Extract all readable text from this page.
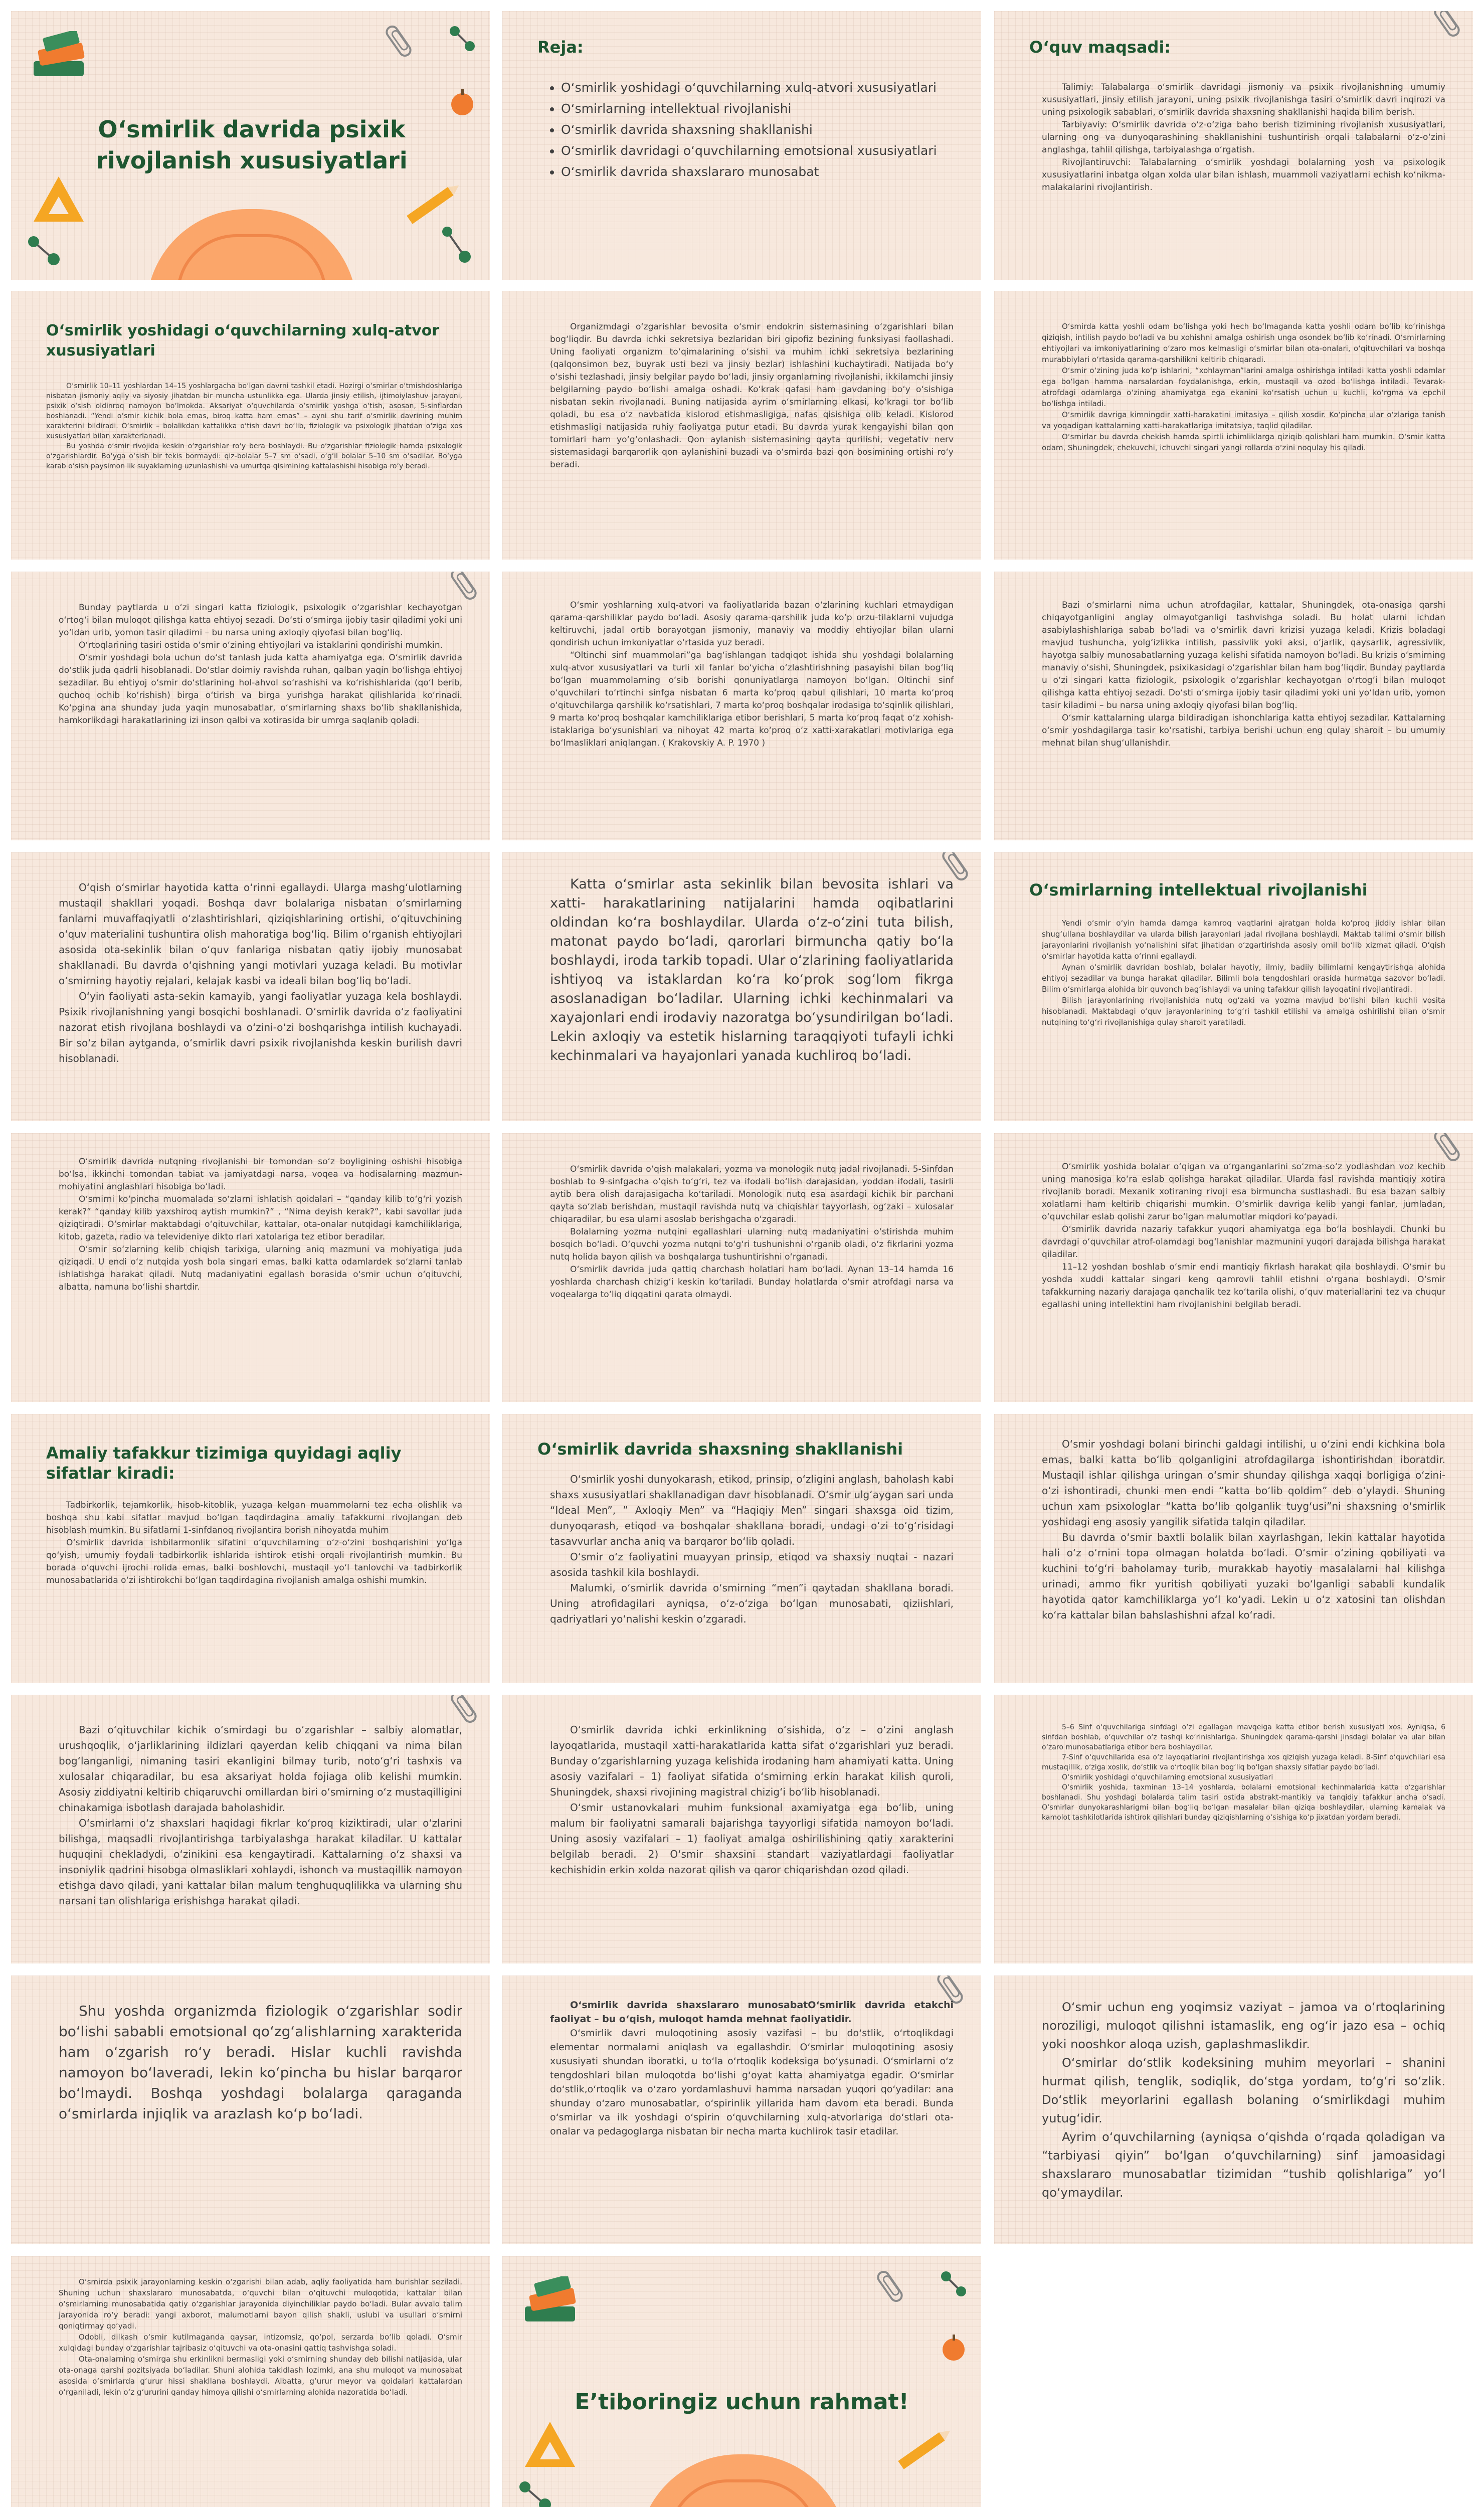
O‘smirlik davrida psixik rivojlanish xususiyatlari
Reja:
• O‘smirlik yoshidagi o‘quvchilarning xulq-atvori xususiyatlari
• O‘smirlarning intellektual rivojlanishi
• O‘smirlik davrida shaxsning shakllanishi
• O‘smirlik davridagi o‘quvchilarning emotsional xususiyatlari
• O‘smirlik davrida shaxslararo munosabat
O‘quv maqsadi:

Talimiy: Talabalarga o‘smirlik davridagi jismoniy va psixik rivojlanishning umumiy xususiyatlari, jinsiy etilish jarayoni, uning psixik rivojlanishga tasiri o‘smirlik davri inqirozi va uning psixologik sabablari, o‘smirlik davrida shaxsning shakllanishi haqida bilim berish.

Tarbiyaviy: O‘smirlik davrida o‘z-o‘ziga baho berish tizimining rivojlanish xususiyatlari, ularning ong va dunyoqarashining shakllanishini tushuntirish orqali talabalarni o‘z-o‘zini anglashga, tahlil qilishga, tarbiyalashga o‘rgatish.

Rivojlantiruvchi: Talabalarning o‘smirlik yoshdagi bolalarning yosh va psixologik xususiyatlarini inbatga olgan xolda ular bilan ishlash, muammoli vaziyatlarni echish ko‘nikma-malakalarini rivojlantirish.

O‘smirlik yoshidagi o‘quvchilarning xulq-atvor xususiyatlari

O‘smirlik 10–11 yoshlardan 14–15 yoshlargacha bo‘lgan davrni tashkil etadi. Hozirgi o‘smirlar o‘tmishdoshlariga nisbatan jismoniy aqliy va siyosiy jihatdan bir muncha ustunlikka ega. Ularda jinsiy etilish, ijtimoiylashuv jarayoni, psixik o‘sish oldinroq namoyon bo‘lmokda. Aksariyat o‘quvchilarda o‘smirlik yoshga o‘tish, asosan, 5-sinflardan boshlanadi. “Yendi o‘smir kichik bola emas, biroq katta ham emas” – ayni shu tarif o‘smirlik davrining muhim xarakterini bildiradi. O‘smirlik – bolalikdan kattalikka o‘tish davri bo‘lib, fiziologik va psixologik jihatdan o‘ziga xos xususiyatlari bilan xarakterlanadi.

Bu yoshda o‘smir rivojida keskin o‘zgarishlar ro‘y bera boshlaydi. Bu o‘zgarishlar fiziologik hamda psixologik o‘zgarishlardir. Bo‘yga o‘sish bir tekis bormaydi: qiz-bolalar 5–7 sm o‘sadi, o‘g‘il bolalar 5–10 sm o‘sadilar. Bo‘yga karab o‘sish paysimon lik suyaklarning uzunlashishi va umurtqa qisimining kattalashishi hisobiga ro‘y beradi.

Organizmdagi o‘zgarishlar bevosita o‘smir endokrin sistemasining o‘zgarishlari bilan bog‘liqdir. Bu davrda ichki sekretsiya bezlaridan biri gipofiz bezining funksiyasi faollashadi. Uning faoliyati organizm to‘qimalarining o‘sishi va muhim ichki sekretsiya bezlarining (qalqonsimon bez, buyrak usti bezi va jinsiy bezlar) ishlashini kuchaytiradi. Natijada bo‘y o‘sishi tezlashadi, jinsiy belgilar paydo bo‘ladi, jinsiy organlarning rivojlanishi, ikkilamchi jinsiy belgilarning paydo bo‘lishi amalga oshadi. Ko‘krak qafasi ham gavdaning bo‘y o‘sishiga nisbatan sekin rivojlanadi. Buning natijasida ayrim o‘smirlarning elkasi, ko‘kragi tor bo‘lib qoladi, bu esa o‘z navbatida kislorod etishmasligiga, nafas qisishiga olib keladi. Kislorod etishmasligi natijasida ruhiy faoliyatga putur etadi. Bu davrda yurak kengayishi bilan qon tomirlari ham yo‘g‘onlashadi. Qon aylanish sistemasining qayta qurilishi, vegetativ nerv sistemasidagi barqarorlik qon aylanishini buzadi va o‘smirda bazi qon bosimining ortishi ro‘y beradi.

O‘smirda katta yoshli odam bo‘lishga yoki hech bo‘lmaganda katta yoshli odam bo‘lib ko‘rinishga qiziqish, intilish paydo bo‘ladi va bu xohishni amalga oshirish unga osondek bo‘lib ko‘rinadi. O‘smirlarning ehtiyojlari va imkoniyatlarining o‘zaro mos kelmasligi o‘smirlar bilan ota-onalari, o‘qituvchilari va boshqa murabbiylari o‘rtasida qarama-qarshilikni keltirib chiqaradi.

O‘smir o‘zining juda ko‘p ishlarini, “xohlayman”larini amalga oshirishga intiladi katta yoshli odamlar ega bo‘lgan hamma narsalardan foydalanishga, erkin, mustaqil va ozod bo‘lishga intiladi. Tevarak-atrofdagi odamlarga o‘zining ahamiyatga ega ekanini ko‘rsatish uchun u kuchli, ko‘rgma va epchil bo‘lishga intiladi.

O‘smirlik davriga kimningdir xatti-harakatini imitasiya – qilish xosdir. Ko‘pincha ular o‘zlariga tanish va yoqadigan kattalarning xatti-harakatlariga imitatsiya, taqlid qiladilar.

O‘smirlar bu davrda chekish hamda spirtli ichimliklarga qiziqib qolishlari ham mumkin. O‘smir katta odam, Shuningdek, chekuvchi, ichuvchi singari yangi rollarda o‘zini noqulay his qiladi.

Bunday paytlarda u o‘zi singari katta fiziologik, psixologik o‘zgarishlar kechayotgan o‘rtog‘i bilan muloqot qilishga katta ehtiyoj sezadi. Do‘sti o‘smirga ijobiy tasir qiladimi yoki uni yo‘ldan urib, yomon tasir qiladimi – bu narsa uning axloqiy qiyofasi bilan bog‘liq.

O‘rtoqlarining tasiri ostida o‘smir o‘zining ehtiyojlari va istaklarini qondirishi mumkin.

O‘smir yoshdagi bola uchun do‘st tanlash juda katta ahamiyatga ega. O‘smirlik davrida do‘stlik juda qadrli hisoblanadi. Do‘stlar doimiy ravishda ruhan, qalban yaqin bo‘lishga ehtiyoj sezadilar. Bu ehtiyoj o‘smir do‘stlarining hol-ahvol so‘rashishi va ko‘rishishlarida (qo‘l berib, quchoq ochib ko‘rishish) birga o‘tirish va birga yurishga harakat qilishlarida ko‘rinadi. Ko‘pgina ana shunday juda yaqin munosabatlar, o‘smirlarning shaxs bo‘lib shakllanishida, hamkorlikdagi harakatlarining izi inson qalbi va xotirasida bir umrga saqlanib qoladi.

O‘smir yoshlarning xulq-atvori va faoliyatlarida bazan o‘zlarining kuchlari etmaydigan qarama-qarshiliklar paydo bo‘ladi. Asosiy qarama-qarshilik juda ko‘p orzu-tilaklarni vujudga keltiruvchi, jadal ortib borayotgan jismoniy, manaviy va moddiy ehtiyojlar bilan ularni qondirish uchun imkoniyatlar o‘rtasida yuz beradi.

“Oltinchi sinf muammolari”ga bag‘ishlangan tadqiqot ishida shu yoshdagi bolalarning xulq-atvor xususiyatlari va turli xil fanlar bo‘yicha o‘zlashtirishning pasayishi bilan bog‘liq bo‘lgan muammolarning o‘sib borishi qonuniyatlarga namoyon bo‘lgan. Oltinchi sinf o‘quvchilari to‘rtinchi sinfga nisbatan 6 marta ko‘proq qabul qilishlari, 10 marta ko‘proq o‘qituvchilarga qarshilik ko‘rsatishlari, 7 marta ko‘proq boshqalar irodasiga to‘sqinlik qilishlari, 9 marta ko‘proq boshqalar kamchiliklariga etibor berishlari, 5 marta ko‘proq faqat o‘z xohish-istaklariga bo‘ysunishlari va nihoyat 42 marta ko‘proq o‘z xatti-xarakatlari motivlariga ega bo‘lmasliklari aniqlangan. ( Krakovskiy A. P. 1970 )

Bazi o‘smirlarni nima uchun atrofdagilar, kattalar, Shuningdek, ota-onasiga qarshi chiqayotganligini anglay olmayotganligi tashvishga soladi. Bu holat ularni ichdan asabiylashishlariga sabab bo‘ladi va o‘smirlik davri krizisi yuzaga keladi. Krizis boladagi mavjud tushuncha, yolg‘izlikka intilish, passivlik yoki aksi, o‘jarlik, qaysarlik, agressivlik, hayotga salbiy munosabatlarning yuzaga kelishi sifatida namoyon bo‘ladi. Bu krizis o‘smirning manaviy o‘sishi, Shuningdek, psixikasidagi o‘zgarishlar bilan ham bog‘liqdir. Bunday paytlarda u o‘zi singari katta fiziologik, psixologik o‘zgarishlar kechayotgan o‘rtog‘i bilan muloqot qilishga katta ehtiyoj sezadi. Do‘sti o‘smirga ijobiy tasir qiladimi yoki uni yo‘ldan urib, yomon tasir kiladimi – bu narsa uning axloqiy qiyofasi bilan bog‘liq.

O‘smir kattalarning ularga bildiradigan ishonchlariga katta ehtiyoj sezadilar. Kattalarning o‘smir yoshdagilarga tasir ko‘rsatishi, tarbiya berishi uchun eng qulay sharoit – bu umumiy mehnat bilan shug‘ullanishdir.

O‘qish o‘smirlar hayotida katta o‘rinni egallaydi. Ularga mashg‘ulotlarning mustaqil shakllari yoqadi. Boshqa davr bolalariga nisbatan o‘smirlarning fanlarni muvaffaqiyatli o‘zlashtirishlari, qiziqishlarining ortishi, o‘qituvchining o‘quv materialini tushuntira olish mahoratiga bog‘liq. Bilim o‘rganish ehtiyojlari asosida ota-sekinlik bilan o‘quv fanlariga nisbatan qatiy ijobiy munosabat shakllanadi. Bu davrda o‘qishning yangi motivlari yuzaga keladi. Bu motivlar o‘smirning hayotiy rejalari, kelajak kasbi va ideali bilan bog‘liq bo‘ladi.

O‘yin faoliyati asta-sekin kamayib, yangi faoliyatlar yuzaga kela boshlaydi. Psixik rivojlanishning yangi bosqichi boshlanadi. O‘smirlik davrida o‘z faoliyatini nazorat etish rivojlana boshlaydi va o‘zini-o‘zi boshqarishga intilish kuchayadi. Bir so‘z bilan aytganda, o‘smirlik davri psixik rivojlanishda keskin burilish davri hisoblanadi.

Katta o‘smirlar asta sekinlik bilan bevosita ishlari va xatti- harakatlarining natijalarini hamda oqibatlarini oldindan ko‘ra boshlaydilar. Ularda o‘z-o‘zini tuta bilish, matonat paydo bo‘ladi, qarorlari birmuncha qatiy bo‘la boshlaydi, iroda tarkib topadi. Ular o‘zlarining faoliyatlarida ishtiyoq va istaklardan ko‘ra ko‘prok sog‘lom fikrga asoslanadigan bo‘ladilar. Ularning ichki kechinmalari va xayajonlari endi irodaviy nazoratga bo‘ysundirilgan bo‘ladi. Lekin axloqiy va estetik hislarning taraqqiyoti tufayli ichki kechinmalari va hayajonlari yanada kuchliroq bo‘ladi.

O‘smirlarning intellektual rivojlanishi

Yendi o‘smir o‘yin hamda damga kamroq vaqtlarini ajratgan holda ko‘proq jiddiy ishlar bilan shug‘ullana boshlaydilar va ularda bilish jarayonlari jadal rivojlana boshlaydi. Maktab talimi o‘smir bilish jarayonlarini rivojlanish yo‘nalishini sifat jihatidan o‘zgartirishda asosiy omil bo‘lib xizmat qiladi. O‘qish o‘smirlar hayotida katta o‘rinni egallaydi.

Aynan o‘smirlik davridan boshlab, bolalar hayotiy, ilmiy, badiiy bilimlarni kengaytirishga alohida ehtiyoj sezadilar va bunga harakat qiladilar. Bilimli bola tengdoshlari orasida hurmatga sazovor bo‘ladi. Bilim o‘smirlarga alohida bir quvonch bag‘ishlaydi va uning tafakkur qilish layoqatini rivojlantiradi.

Bilish jarayonlarining rivojlanishida nutq og‘zaki va yozma mavjud bo‘lishi bilan kuchli vosita hisoblanadi. Maktabdagi o‘quv jarayonlarining to‘g‘ri tashkil etilishi va amalga oshirilishi bilan o‘smir nutqining to‘g‘ri rivojlanishiga qulay sharoit yaratiladi.

O‘smirlik davrida nutqning rivojlanishi bir tomondan so‘z boyligining oshishi hisobiga bo‘lsa, ikkinchi tomondan tabiat va jamiyatdagi narsa, voqea va hodisalarning mazmun-mohiyatini anglashlari hisobiga bo‘ladi.

O‘smirni ko‘pincha muomalada so‘zlarni ishlatish qoidalari – “qanday kilib to‘g‘ri yozish kerak?” “qanday kilib yaxshiroq aytish mumkin?” , “Nima deyish kerak?”, kabi savollar juda qiziqtiradi. O‘smirlar maktabdagi o‘qituvchilar, kattalar, ota-onalar nutqidagi kamchiliklariga, kitob, gazeta, radio va televideniye dikto rlari xatolariga tez etibor beradilar.

O‘smir so‘zlarning kelib chiqish tarixiga, ularning aniq mazmuni va mohiyatiga juda qiziqadi. U endi o‘z nutqida yosh bola singari emas, balki katta odamlardek so‘zlarni tanlab ishlatishga harakat qiladi. Nutq madaniyatini egallash borasida o‘smir uchun o‘qituvchi, albatta, namuna bo‘lishi shartdir.

O‘smirlik davrida o‘qish malakalari, yozma va monologik nutq jadal rivojlanadi. 5-Sinfdan boshlab to 9-sinfgacha o‘qish to‘g‘ri, tez va ifodali bo‘lish darajasidan, yoddan ifodali, tasirli aytib bera olish darajasigacha ko‘tariladi. Monologik nutq esa asardagi kichik bir parchani qayta so‘zlab berishdan, mustaqil ravishda nutq va chiqishlar tayyorlash, og‘zaki – xulosalar chiqaradilar, bu esa ularni asoslab berishgacha o‘zgaradi.

Bolalarning yozma nutqini egallashlari ularning nutq madaniyatini o‘stirishda muhim bosqich bo‘ladi. O‘quvchi yozma nutqni to‘g‘ri tushunishni o‘rganib oladi, o‘z fikrlarini yozma nutq holida bayon qilish va boshqalarga tushuntirishni o‘rganadi.

O‘smirlik davrida juda qattiq charchash holatlari ham bo‘ladi. Aynan 13–14 hamda 16 yoshlarda charchash chizig‘i keskin ko‘tariladi. Bunday holatlarda o‘smir atrofdagi narsa va voqealarga to‘liq diqqatini qarata olmaydi.

O‘smirlik yoshida bolalar o‘qigan va o‘rganganlarini so‘zma-so‘z yodlashdan voz kechib uning manosiga ko‘ra eslab qolishga harakat qiladilar. Ularda fasl ravishda mantiqiy xotira rivojlanib boradi. Mexanik xotiraning rivoji esa birmuncha sustlashadi. Bu esa bazan salbiy xolatlarni ham keltirib chiqarishi mumkin. O‘smirlik davriga kelib yangi fanlar, jumladan, o‘quvchilar eslab qolishi zarur bo‘lgan malumotlar miqdori ko‘payadi.

O‘smirlik davrida nazariy tafakkur yuqori ahamiyatga ega bo‘la boshlaydi. Chunki bu davrdagi o‘quvchilar atrof-olamdagi bog‘lanishlar mazmunini yuqori darajada bilishga harakat qiladilar.

11–12 yoshdan boshlab o‘smir endi mantiqiy fikrlash harakat qila boshlaydi. O‘smir bu yoshda xuddi kattalar singari keng qamrovli tahlil etishni o‘rgana boshlaydi. O‘smir tafakkurning nazariy darajaga qanchalik tez ko‘tarila olishi, o‘quv materiallarini tez va chuqur egallashi uning intellektini ham rivojlanishini belgilab beradi.

Amaliy tafakkur tizimiga quyidagi aqliy sifatlar kiradi:

Tadbirkorlik, tejamkorlik, hisob-kitoblik, yuzaga kelgan muammolarni tez echa olishlik va boshqa shu kabi sifatlar mavjud bo‘lgan taqdirdagina amaliy tafakkurni rivojlangan deb hisoblash mumkin. Bu sifatlarni 1-sinfdanoq rivojlantira borish nihoyatda muhim

O‘smirlik davrida ishbilarmonlik sifatini o‘quvchilarning o‘z-o‘zini boshqarishini yo‘lga qo‘yish, umumiy foydali tadbirkorlik ishlarida ishtirok etishi orqali rivojlantirish mumkin. Bu borada o‘quvchi ijrochi rolida emas, balki boshlovchi, mustaqil yo‘l tanlovchi va tadbirkorlik munosabatlarida o‘zi ishtirokchi bo‘lgan taqdirdagina rivojlanish amalga oshishi mumkin.

O‘smirlik davrida shaxsning shakllanishi

O‘smirlik yoshi dunyokarash, etikod, prinsip, o‘zligini anglash, baholash kabi shaxs xususiyatlari shakllanadigan davr hisoblanadi. O‘smir ulg‘aygan sari unda “Ideal Men”, ” Axloqiy Men” va “Haqiqiy Men” singari shaxsga oid tizim, dunyoqarash, etiqod va boshqalar shakllana boradi, undagi o‘zi to‘g‘risidagi tasavvurlar ancha aniq va barqaror bo‘lib qoladi.

O‘smir o‘z faoliyatini muayyan prinsip, etiqod va shaxsiy nuqtai - nazari asosida tashkil kila boshlaydi.

Malumki, o‘smirlik davrida o‘smirning “men”i qaytadan shakllana boradi. Uning atrofidagilari ayniqsa, o‘z-o‘ziga bo‘lgan munosabati, qiziishlari, qadriyatlari yo‘nalishi keskin o‘zgaradi.

O‘smir yoshdagi bolani birinchi galdagi intilishi, u o‘zini endi kichkina bola emas, balki katta bo‘lib qolganligini atrofdagilarga ishontirishdan iboratdir. Mustaqil ishlar qilishga uringan o‘smir shunday qilishga xaqqi borligiga o‘zini-o‘zi ishontiradi, chunki men endi “katta bo‘lib qoldim” deb o‘ylaydi. Shuning uchun xam psixologlar “katta bo‘lib qolganlik tuyg‘usi”ni shaxsning o‘smirlik yoshidagi eng asosiy yangilik sifatida talqin qiladilar.

Bu davrda o‘smir baxtli bolalik bilan xayrlashgan, lekin kattalar hayotida hali o‘z o‘rnini topa olmagan holatda bo‘ladi. O‘smir o‘zining qobiliyati va kuchini to‘g‘ri baholamay turib, murakkab hayotiy masalalarni hal kilishga urinadi, ammo fikr yuritish qobiliyati yuzaki bo‘lganligi sababli kundalik hayotida qator kamchiliklarga yo‘l ko‘yadi. Lekin u o‘z xatosini tan olishdan ko‘ra kattalar bilan bahslashishni afzal ko‘radi.

Bazi o‘qituvchilar kichik o‘smirdagi bu o‘zgarishlar – salbiy alomatlar, urushqoqlik, o‘jarliklarining ildizlari qayerdan kelib chiqqani va nima bilan bog‘langanligi, nimaning tasiri ekanligini bilmay turib, noto‘g‘ri tashxis va xulosalar chiqaradilar, bu esa aksariyat holda fojiaga olib kelishi mumkin. Asosiy ziddiyatni keltirib chiqaruvchi omillardan biri o‘smirning o‘z mustaqilligini chinakamiga isbotlash darajada baholashidir.

O‘smirlarni o‘z shaxslari haqidagi fikrlar ko‘proq kiziktiradi, ular o‘zlarini bilishga, maqsadli rivojlantirishga tarbiyalashga harakat kiladilar. U kattalar huquqini chekladydi, o‘zinikini esa kengaytiradi. Kattalarning o‘z shaxsi va insoniylik qadrini hisobga olmasliklari xohlaydi, ishonch va mustaqillik namoyon etishga davo qiladi, yani kattalar bilan malum tenghuquqlilikka va ularning shu narsani tan olishlariga erishishga harakat qiladi.

O‘smirlik davrida ichki erkinlikning o‘sishida, o‘z – o‘zini anglash layoqatlarida, mustaqil xatti-harakatlarida katta sifat o‘zgarishlari yuz beradi. Bunday o‘zgarishlarning yuzaga kelishida irodaning ham ahamiyati katta. Uning asosiy vazifalari – 1) faoliyat sifatida o‘smirning erkin harakat kilish quroli, Shuningdek, shaxsi rivojining magistral chizig‘i bo‘lib hisoblanadi.

O‘smir ustanovkalari muhim funksional axamiyatga ega bo‘lib, uning malum bir faoliyatni samarali bajarishga tayyorligi sifatida namoyon bo‘ladi. Uning asosiy vazifalari – 1) faoliyat amalga oshirilishining qatiy xarakterini belgilab beradi. 2) O‘smir shaxsini standart vaziyatlardagi faoliyatlar kechishidin erkin xolda nazorat qilish va qaror chiqarishdan ozod qiladi.

5–6 Sinf o‘quvchilariga sinfdagi o‘zi egallagan mavqeiga katta etibor berish xususiyati xos. Ayniqsa, 6 sinfdan boshlab, o‘quvchilar o‘z tashqi ko‘rinishlariga. Shuningdek qarama-qarshi jinsdagi bolalar va ular bilan o‘zaro munosabatlariga etibor bera boshlaydilar.

7-Sinf o‘quvchilarida esa o‘z layoqatlarini rivojlantirishga xos qiziqish yuzaga keladi. 8-Sinf o‘quvchilari esa mustaqillik, o‘ziga xoslik, do‘stlik va o‘rtoqlik bilan bog‘liq bo‘lgan shaxsiy sifatlar paydo bo‘ladi.

O‘smirlik yoshidagi o‘quvchilarning emotsional xususiyatlari

O‘smirlik yoshida, taxminan 13–14 yoshlarda, bolalarni emotsional kechinmalarida katta o‘zgarishlar boshlanadi. Shu yoshdagi bolalarda talim tasiri ostida abstrakt-mantikiy va tanqidiy tafakkur ancha o‘sadi. O‘smirlar dunyokarashlarigmi bilan bog‘liq bo‘lgan masalalar bilan qiziqa boshlaydilar, ularning kamalak va kamolot tashkilotlarida ishtirok qilishlari bunday qiziqishlarning o‘sishiga ko‘p jixatdan yordam beradi.

Shu yoshda organizmda fiziologik o‘zgarishlar sodir bo‘lishi sababli emotsional qo‘zg‘alishlarning xarakterida ham o‘zgarish ro‘y beradi. Hislar kuchli ravishda namoyon bo‘laveradi, lekin ko‘pincha bu hislar barqaror bo‘lmaydi. Boshqa yoshdagi bolalarga qaraganda o‘smirlarda injiqlik va arazlash ko‘p bo‘ladi.

O‘smirlik davrida shaxslararo munosabatO‘smirlik davrida etakchi faoliyat – bu o‘qish, muloqot hamda mehnat faoliyatidir.

O‘smirlik davri muloqotining asosiy vazifasi – bu do‘stlik, o‘rtoqlikdagi elementar normalarni aniqlash va egallashdir. O‘smirlar muloqotining asosiy xususiyati shundan iboratki, u to‘la o‘rtoqlik kodeksiga bo‘ysunadi. O‘smirlarni o‘z tengdoshlari bilan muloqotda bo‘lishi g‘oyat katta ahamiyatga egadir. O‘smirlar do‘stlik,o‘rtoqlik va o‘zaro yordamlashuvi hamma narsadan yuqori qo‘yadilar: ana shunday o‘zaro munosabatlar, o‘spirinlik yillarida ham davom eta beradi. Bunda o‘smirlar va ilk yoshdagi o‘spirin o‘quvchilarning xulq-atvorlariga do‘stlari ota-onalar va pedagoglarga nisbatan bir necha marta kuchlirok tasir etadilar.

O‘smir uchun eng yoqimsiz vaziyat – jamoa va o‘rtoqlarining noroziligi, muloqot qilishni istamaslik, eng og‘ir jazo esa – ochiq yoki nooshkor aloqa uzish, gaplashmaslikdir.

O‘smirlar do‘stlik kodeksining muhim meyorlari – shanini hurmat qilish, tenglik, sodiqlik, do‘stga yordam, to‘g‘ri so‘zlik. Do‘stlik meyorlarini egallash bolaning o‘smirlikdagi muhim yutug‘idir.

Ayrim o‘quvchilarning (ayniqsa o‘qishda o‘rqada qoladigan va “tarbiyasi qiyin” bo‘lgan o‘quvchilarning) sinf jamoasidagi shaxslararo munosabatlar tizimidan “tushib qolishlariga” yo‘l qo‘ymaydilar.

O‘smirda psixik jarayonlarning keskin o‘zgarishi bilan adab, aqliy faoliyatida ham burishlar seziladi. Shuning uchun shaxslararo munosabatda, o‘quvchi bilan o‘qituvchi muloqotida, kattalar bilan o‘smirlarning munosabatida qatiy o‘zgarishlar jarayonida diyinchiliklar paydo bo‘ladi. Bular avvalo talim jarayonida ro‘y beradi: yangi axborot, malumotlarni bayon qilish shakli, uslubi va usullari o‘smirni qoniqtirmay qo‘yadi.

Odobli, dilkash o‘smir kutilmaganda qaysar, intizomsiz, qo‘pol, serzarda bo‘lib qoladi. O‘smir xulqidagi bunday o‘zgarishlar tajribasiz o‘qituvchi va ota-onasini qattiq tashvishga soladi.

Ota-onalarning o‘smirga shu erkinlikni bermasligi yoki o‘smirning shunday deb bilishi natijasida, ular ota-onaga qarshi pozitsiyada bo‘ladilar. Shuni alohida takidlash lozimki, ana shu muloqot va munosabat asosida o‘smirlarda g‘urur hissi shakllana boshlaydi. Albatta, g‘urur meyor va qoidalari kattalardan o‘rganiladi, lekin o‘z g‘ururini qanday himoya qilishi o‘smirlarning alohida nazoratida bo‘ladi.	E’tiboringiz uchun rahmat!
